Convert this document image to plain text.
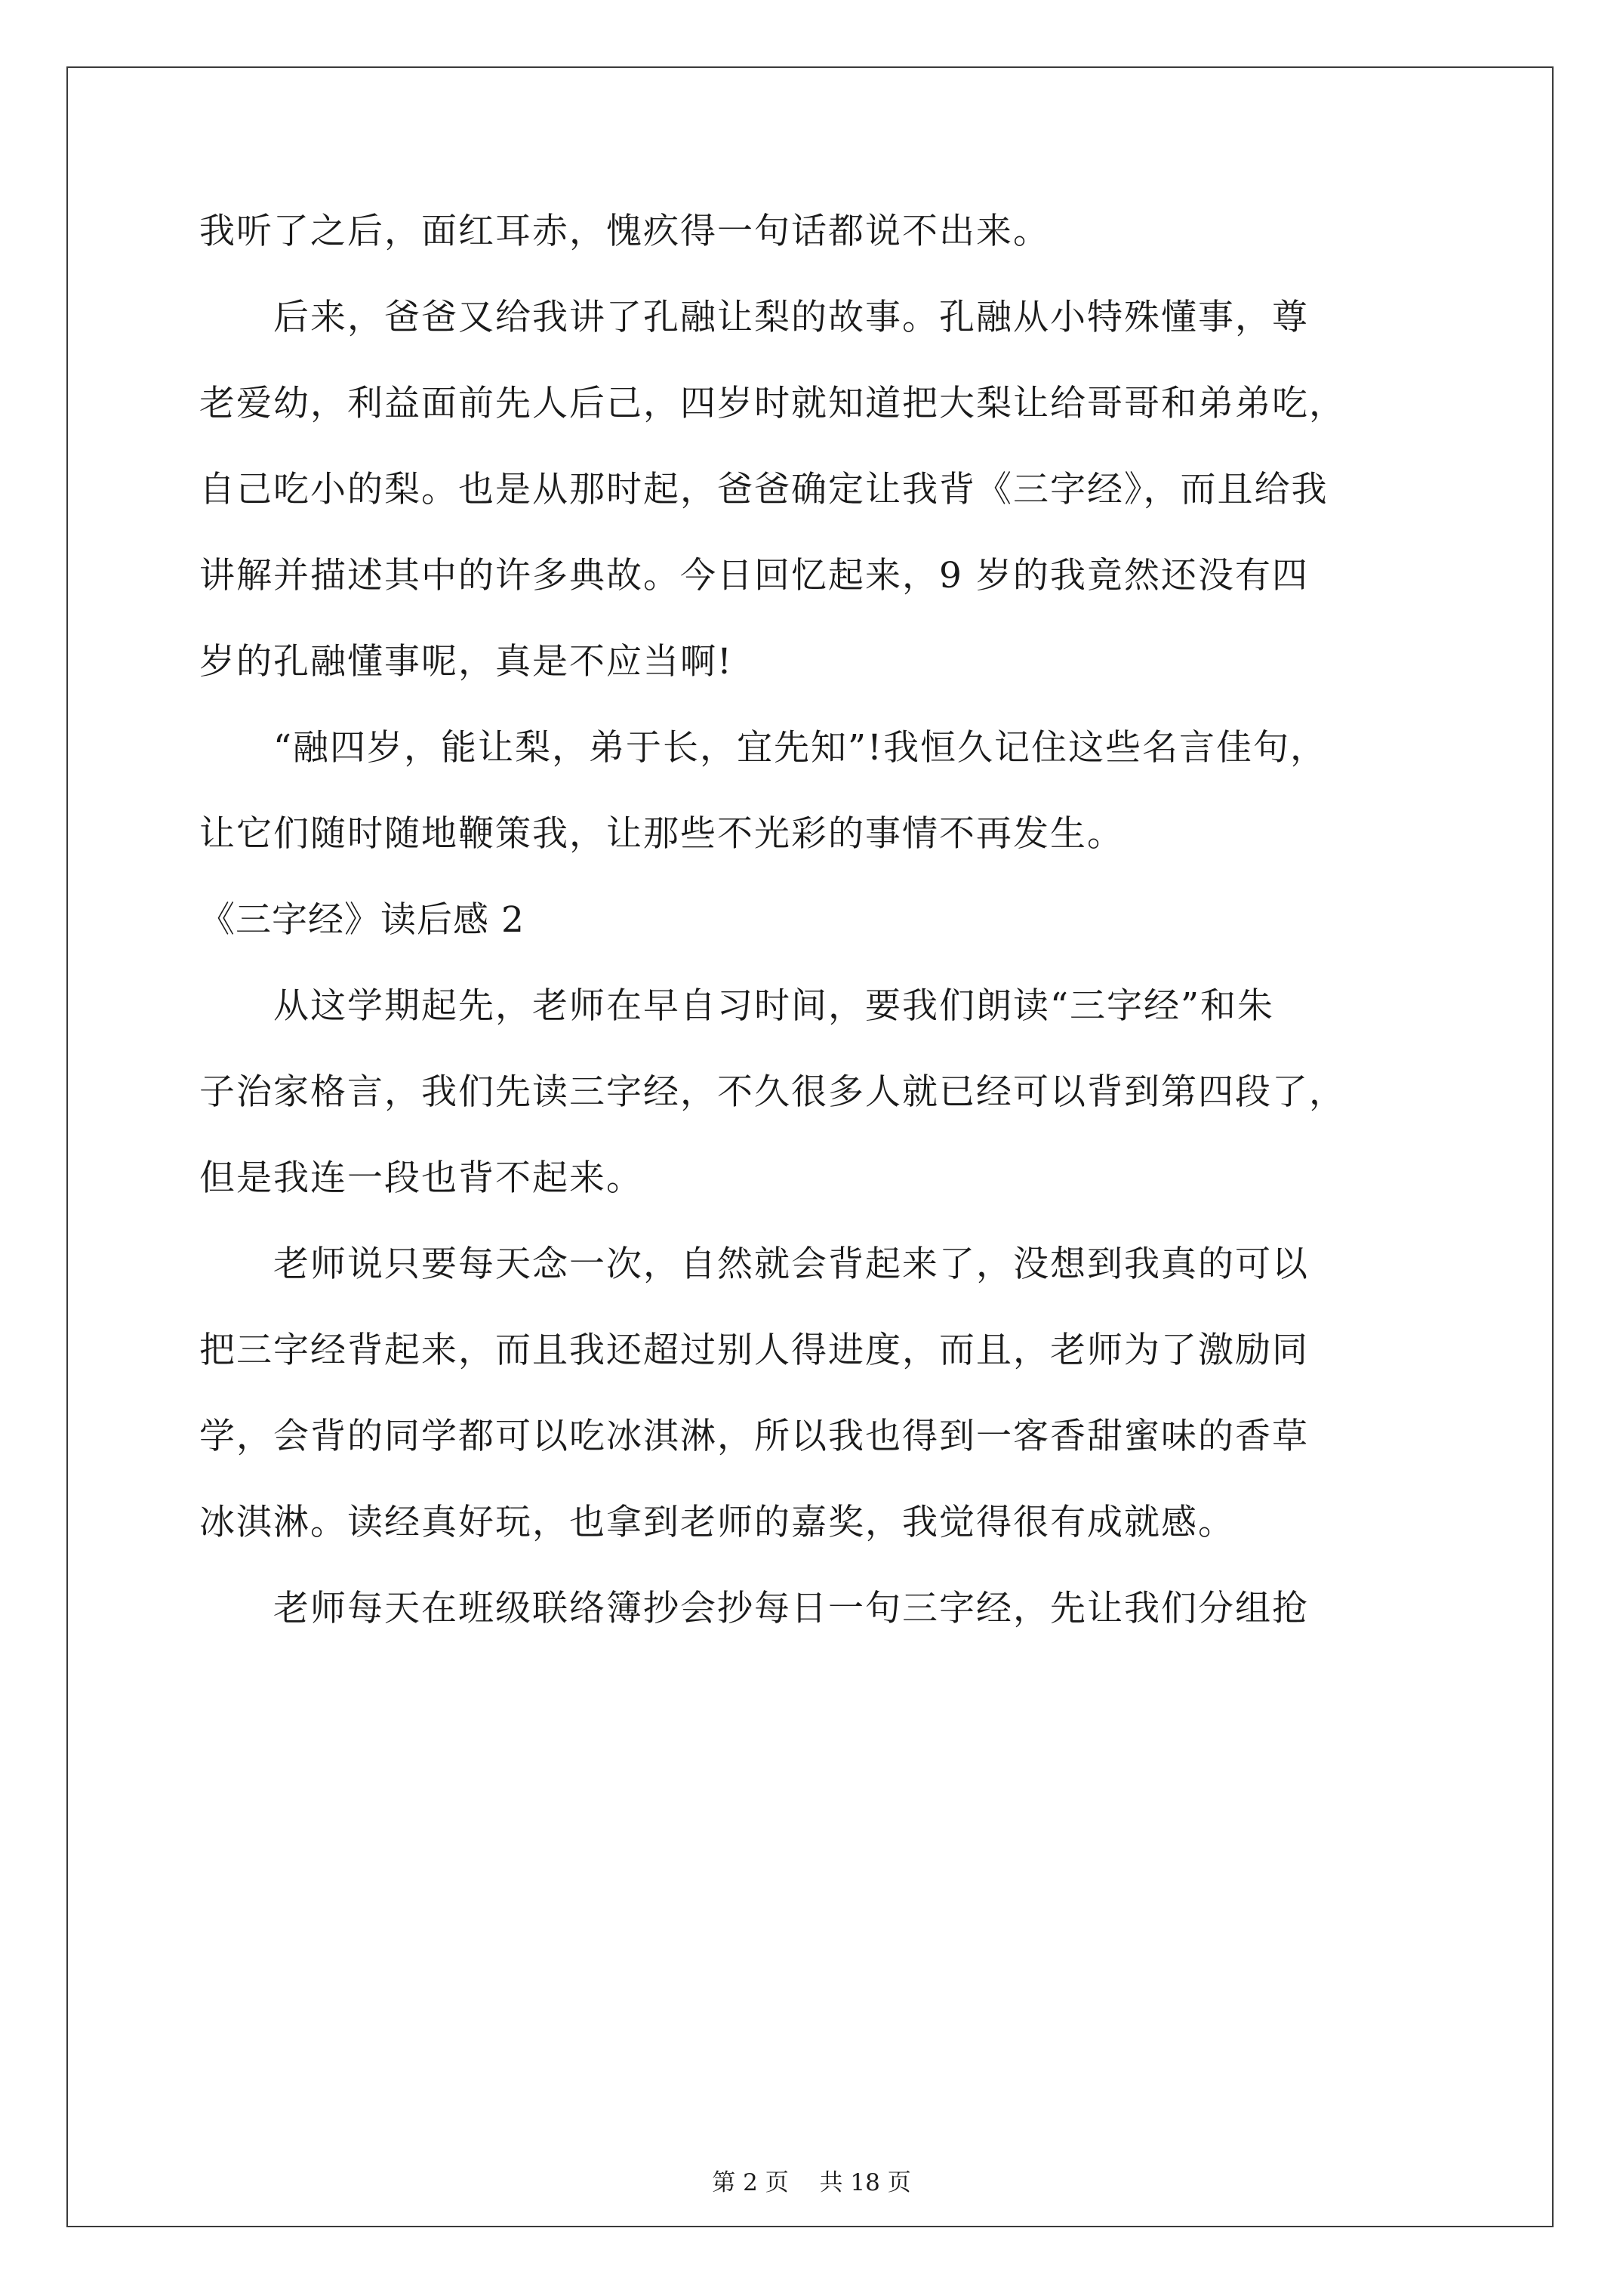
我听了之后，面红耳赤，愧疚得一句话都说不出来。
　　后来，爸爸又给我讲了孔融让梨的故事。孔融从小特殊懂事，尊
老爱幼，利益面前先人后己，四岁时就知道把大梨让给哥哥和弟弟吃，
自己吃小的梨。也是从那时起，爸爸确定让我背《三字经》，而且给我
讲解并描述其中的许多典故。今日回忆起来，9 岁的我竟然还没有四
岁的孔融懂事呢，真是不应当啊!
　　“融四岁，能让梨，弟于长，宜先知”!我恒久记住这些名言佳句，
让它们随时随地鞭策我，让那些不光彩的事情不再发生。
《三字经》读后感 2
　　从这学期起先，老师在早自习时间，要我们朗读“三字经”和朱
子治家格言，我们先读三字经，不久很多人就已经可以背到第四段了，
但是我连一段也背不起来。
　　老师说只要每天念一次，自然就会背起来了，没想到我真的可以
把三字经背起来，而且我还超过别人得进度，而且，老师为了激励同
学，会背的同学都可以吃冰淇淋，所以我也得到一客香甜蜜味的香草
冰淇淋。读经真好玩，也拿到老师的嘉奖，我觉得很有成就感。
　　老师每天在班级联络簿抄会抄每日一句三字经，先让我们分组抢
第 2 页　 共 18 页
